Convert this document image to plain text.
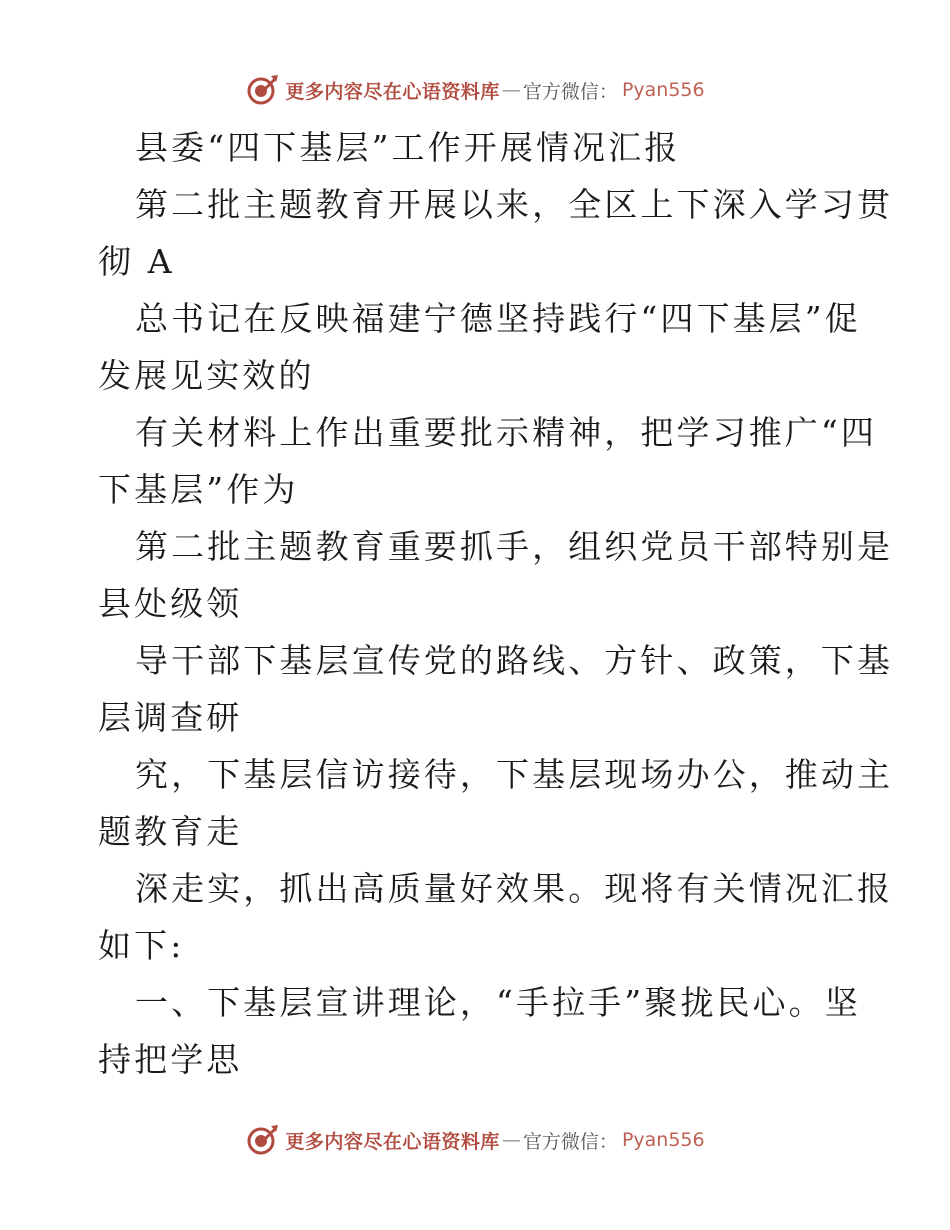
更多内容尽在心语资料库 — 官方微信： Pyan556
县委“四下基层”工作开展情况汇报
第二批主题教育开展以来，全区上下深入学习贯
彻 A
总书记在反映福建宁德坚持践行“四下基层”促
发展见实效的
有关材料上作出重要批示精神，把学习推广“四
下基层”作为
第二批主题教育重要抓手，组织党员干部特别是
县处级领
导干部下基层宣传党的路线、方针、政策，下基
层调查研
究，下基层信访接待，下基层现场办公，推动主
题教育走
深走实，抓出高质量好效果。现将有关情况汇报
如下:
一、下基层宣讲理论，“手拉手”聚拢民心。坚
持把学思
更多内容尽在心语资料库 — 官方微信： Pyan556
